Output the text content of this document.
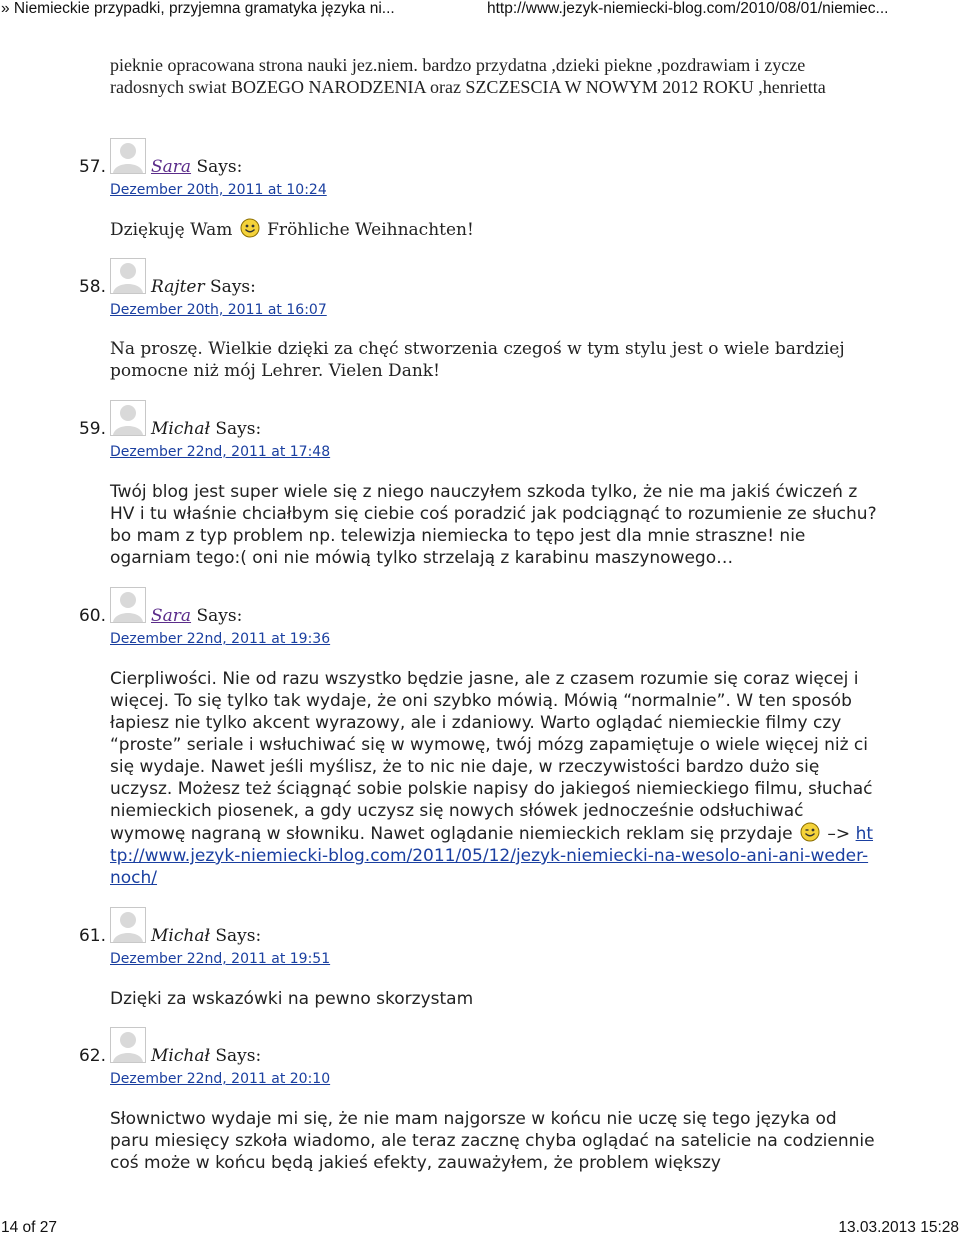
» Niemieckie przypadki, przyjemna gramatyka języka ni...	http://www.jezyk-niemiecki-blog.com/2010/08/01/niemiec...
pieknie opracowana strona nauki jez.niem. bardzo przydatna ,dzieki piekne ,pozdrawiam i zycze radosnych swiat BOZEGO NARODZENIA oraz SZCZESCIA W NOWYM 2012 ROKU ,henrietta
57.	Sara Says:
Dezember 20th, 2011 at 10:24
Dziękuję Wam Fröhliche Weihnachten!
58.	Rajter Says:
Dezember 20th, 2011 at 16:07
Na proszę. Wielkie dzięki za chęć stworzenia czegoś w tym stylu jest o wiele bardziej pomocne niż mój Lehrer. Vielen Dank!
59.	Michał Says:
Dezember 22nd, 2011 at 17:48
Twój blog jest super wiele się z niego nauczyłem szkoda tylko, że nie ma jakiś ćwiczeń z HV i tu właśnie chciałbym się ciebie coś poradzić jak podciągnąć to rozumienie ze słuchu? bo mam z typ problem np. telewizja niemiecka to tępo jest dla mnie straszne! nie ogarniam tego:( oni nie mówią tylko strzelają z karabinu maszynowego…
60.	Sara Says:
Dezember 22nd, 2011 at 19:36
Cierpliwości. Nie od razu wszystko będzie jasne, ale z czasem rozumie się coraz więcej i więcej. To się tylko tak wydaje, że oni szybko mówią. Mówią “normalnie”. W ten sposób łapiesz nie tylko akcent wyrazowy, ale i zdaniowy. Warto oglądać niemieckie filmy czy “proste” seriale i wsłuchiwać się w wymowę, twój mózg zapamiętuje o wiele więcej niż ci się wydaje. Nawet jeśli myślisz, że to nic nie daje, w rzeczywistości bardzo dużo się uczysz. Możesz też ściągnąć sobie polskie napisy do jakiegoś niemieckiego filmu, słuchać niemieckich piosenek, a gdy uczysz się nowych słówek jednocześnie odsłuchiwać wymowę nagraną w słowniku. Nawet oglądanie niemieckich reklam się przydaje –> http://www.jezyk-niemiecki-blog.com/2011/05/12/jezyk-niemiecki-na-wesolo-ani-ani-weder-noch/
61.	Michał Says:
Dezember 22nd, 2011 at 19:51
Dzięki za wskazówki na pewno skorzystam
62.	Michał Says:
Dezember 22nd, 2011 at 20:10
Słownictwo wydaje mi się, że nie mam najgorsze w końcu nie uczę się tego języka od paru miesięcy szkoła wiadomo, ale teraz zacznę chyba oglądać na satelicie na codziennie coś może w końcu będą jakieś efekty, zauważyłem, że problem większy
14 of 27	13.03.2013 15:28
